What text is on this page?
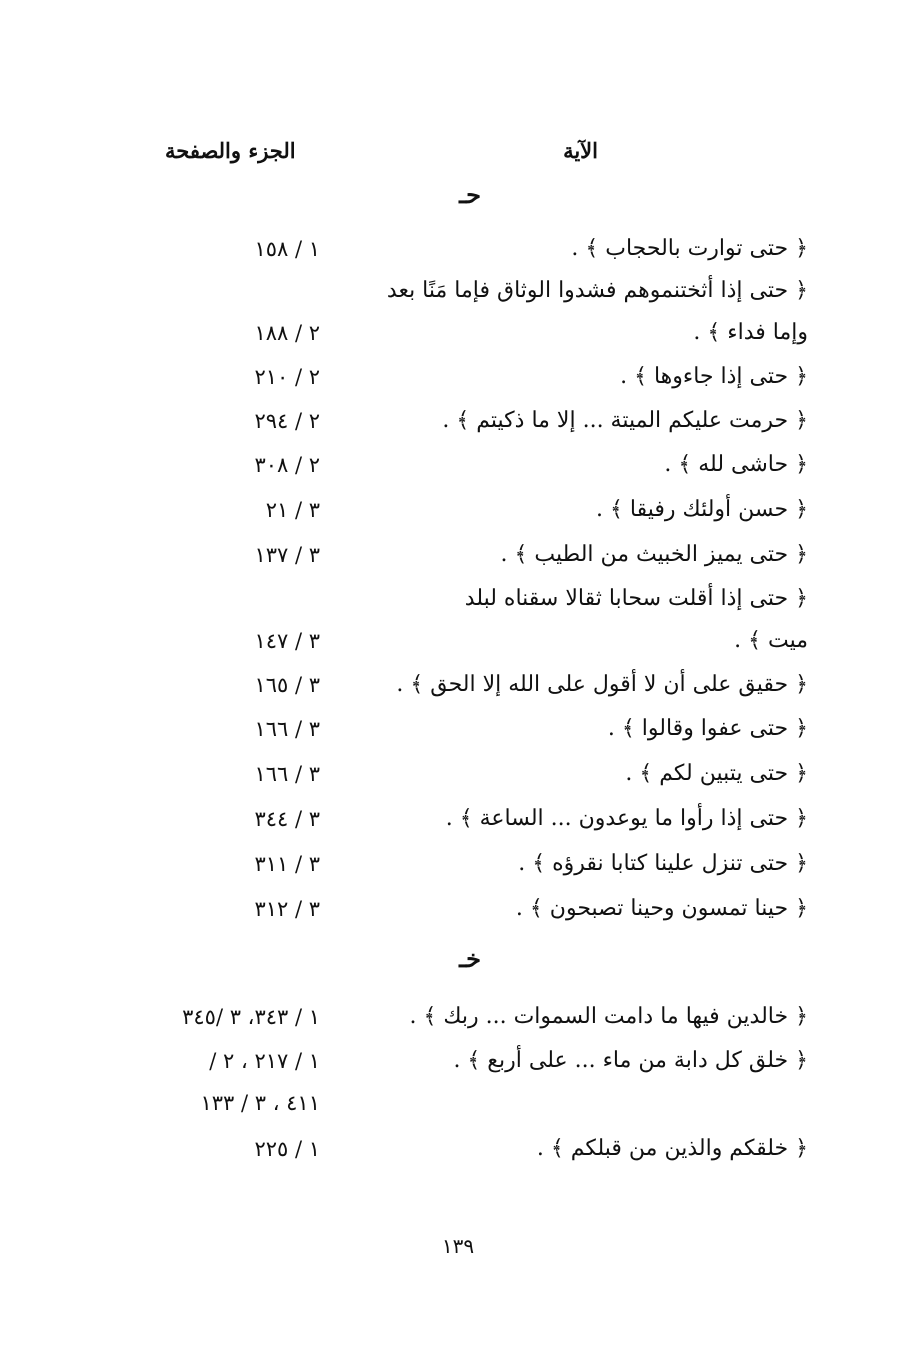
الآية
الجزء والصفحة
حـ
﴿ حتى توارت بالحجاب ﴾ .
١ / ١٥٨
﴿ حتى إذا أثختنموهم فشدوا الوثاق فإما مَنًا بعد
وإما فداء ﴾ .
٢ / ١٨٨
﴿ حتى إذا جاءوها ﴾ .
٢ / ٢١٠
﴿ حرمت عليكم الميتة ... إلا ما ذكيتم ﴾ .
٢ / ٢٩٤
﴿ حاشى لله ﴾ .
٢ / ٣٠٨
﴿ حسن أولئك رفيقا ﴾ .
٣ / ٢١
﴿ حتى يميز الخبيث من الطيب ﴾ .
٣ / ١٣٧
﴿ حتى إذا أقلت سحابا ثقالا سقناه لبلد
ميت ﴾ .
٣ / ١٤٧
﴿ حقيق على أن لا أقول على الله إلا الحق ﴾ .
٣ / ١٦٥
﴿ حتى عفوا وقالوا ﴾ .
٣ / ١٦٦
﴿ حتى يتبين لكم ﴾ .
٣ / ١٦٦
﴿ حتى إذا رأوا ما يوعدون ... الساعة ﴾ .
٣ / ٣٤٤
﴿ حتى تنزل علينا كتابا نقرؤه ﴾ .
٣ / ٣١١
﴿ حينا تمسون وحينا تصبحون ﴾ .
٣ / ٣١٢
خـ
﴿ خالدين فيها ما دامت السموات ... ربك ﴾ .
١ / ٣٤٣، ٣ /٣٤٥
﴿ خلق كل دابة من ماء ... على أربع ﴾ .
١ / ٢١٧ ، ٢ /
٤١١ ، ٣ / ١٣٣
﴿ خلقكم والذين من قبلكم ﴾ .
١ / ٢٢٥
١٣٩
